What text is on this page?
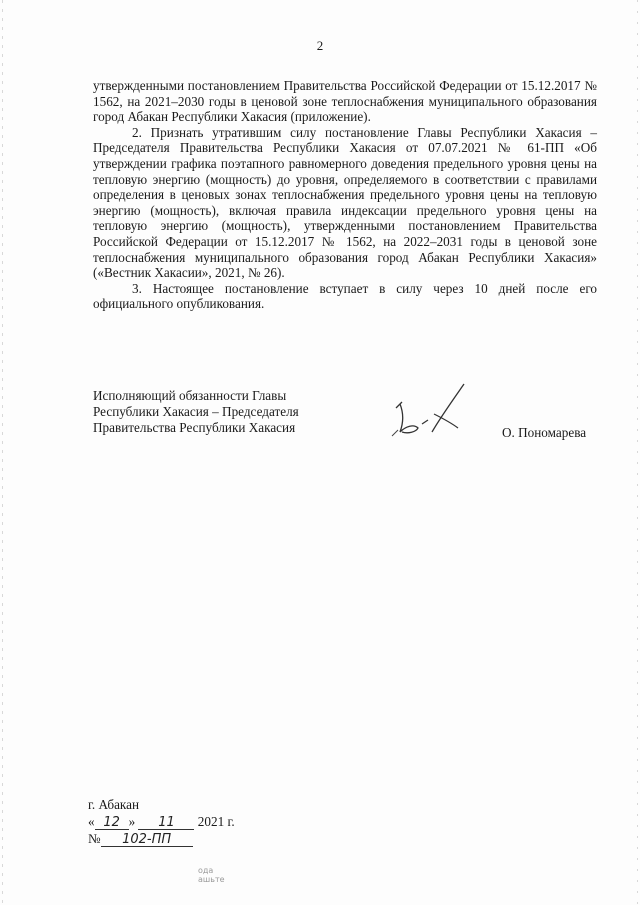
2

утвержденными постановлением Правительства Российской Федерации от 15.12.2017 № 1562, на 2021–2030 годы в ценовой зоне теплоснабжения муниципального образования город Абакан Республики Хакасия (приложение).

2. Признать утратившим силу постановление Главы Республики Хакасия – Председателя Правительства Республики Хакасия от 07.07.2021 № 61-ПП «Об утверждении графика поэтапного равномерного доведения предельного уровня цены на тепловую энергию (мощность) до уровня, определяемого в соответствии с правилами определения в ценовых зонах теплоснабжения предельного уровня цены на тепловую энергию (мощность), включая правила индексации предельного уровня цены на тепловую энергию (мощность), утвержденными постановлением Правительства Российской Федерации от 15.12.2017 № 1562, на 2022–2031 годы в ценовой зоне теплоснабжения муниципального образования город Абакан Республики Хакасия» («Вестник Хакасии», 2021, № 26).

3. Настоящее постановление вступает в силу через 10 дней после его официального опубликования.

Исполняющий обязанности Главы
Республики Хакасия – Председателя
Правительства Республики Хакасия	О. Пономарева
г. Абакан
« 12 » 11 2021 г.
№ 102-ПП
ода
ашьте
